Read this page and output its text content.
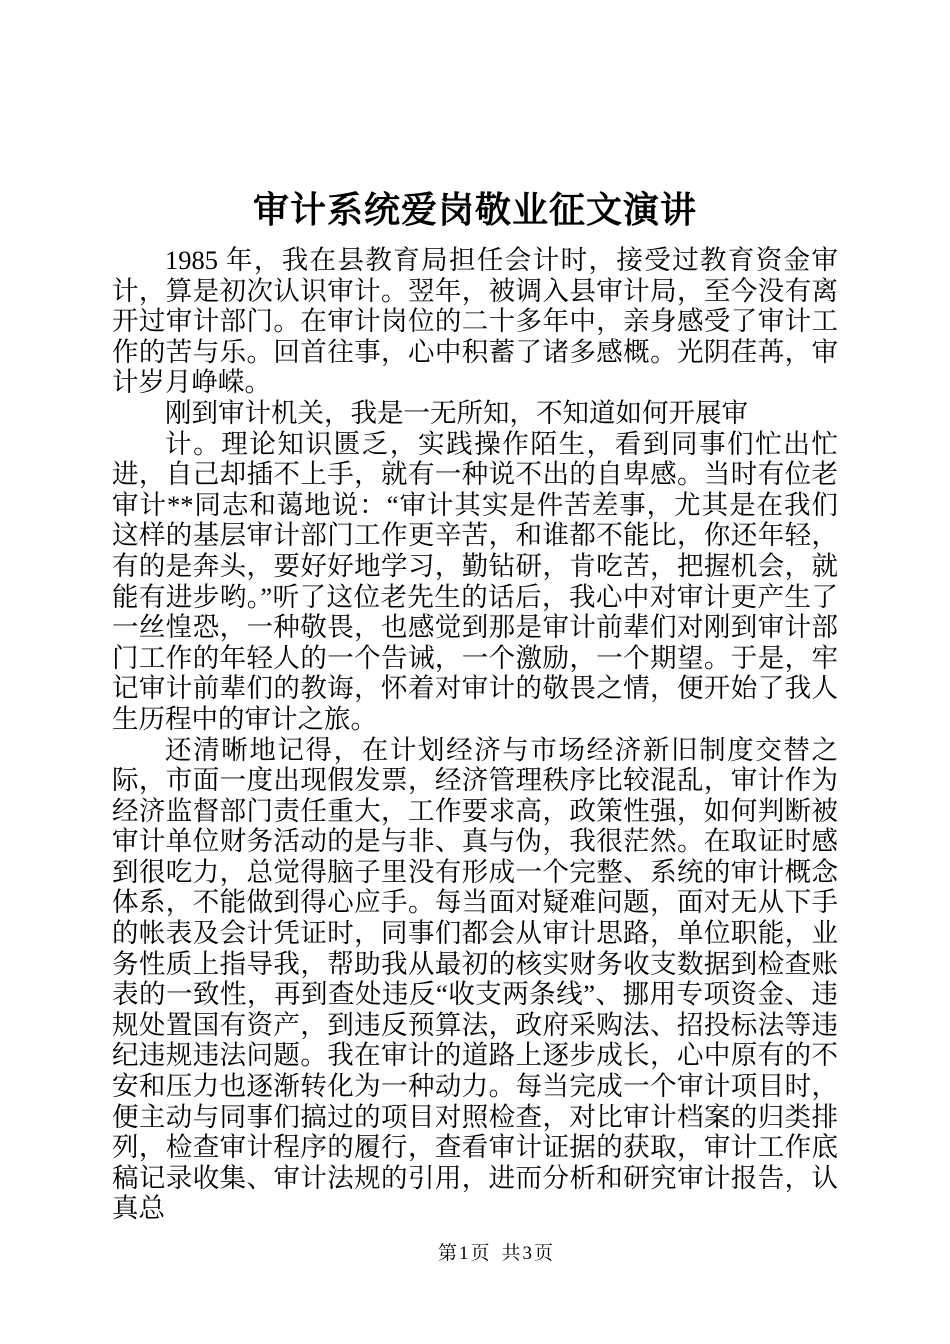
审计系统爱岗敬业征文演讲

1985 年，我在县教育局担任会计时，接受过教育资金审计，算是初次认识审计。翌年，被调入县审计局，至今没有离开过审计部门。在审计岗位的二十多年中，亲身感受了审计工作的苦与乐。回首往事，心中积蓄了诸多感概。光阴荏苒，审计岁月峥嵘。

刚到审计机关，我是一无所知，不知道如何开展审

计。理论知识匮乏，实践操作陌生，看到同事们忙出忙进，自己却插不上手，就有一种说不出的自卑感。当时有位老审计**同志和蔼地说：“审计其实是件苦差事，尤其是在我们这样的基层审计部门工作更辛苦，和谁都不能比，你还年轻，有的是奔头，要好好地学习，勤钻研，肯吃苦，把握机会，就能有进步哟。”听了这位老先生的话后，我心中对审计更产生了一丝惶恐，一种敬畏，也感觉到那是审计前辈们对刚到审计部门工作的年轻人的一个告诫，一个激励，一个期望。于是，牢记审计前辈们的教诲，怀着对审计的敬畏之情，便开始了我人生历程中的审计之旅。

还清晰地记得，在计划经济与市场经济新旧制度交替之际，市面一度出现假发票，经济管理秩序比较混乱，审计作为经济监督部门责任重大，工作要求高，政策性强，如何判断被审计单位财务活动的是与非、真与伪，我很茫然。在取证时感到很吃力，总觉得脑子里没有形成一个完整、系统的审计概念体系，不能做到得心应手。每当面对疑难问题，面对无从下手的帐表及会计凭证时，同事们都会从审计思路，单位职能，业务性质上指导我，帮助我从最初的核实财务收支数据到检查账表的一致性，再到查处违反“收支两条线”、挪用专项资金、违规处置国有资产，到违反预算法，政府采购法、招投标法等违纪违规违法问题。我在审计的道路上逐步成长，心中原有的不安和压力也逐渐转化为一种动力。每当完成一个审计项目时，便主动与同事们搞过的项目对照检查，对比审计档案的归类排列，检查审计程序的履行，查看审计证据的获取，审计工作底稿记录收集、审计法规的引用，进而分析和研究审计报告，认真总

第1页 共3页
